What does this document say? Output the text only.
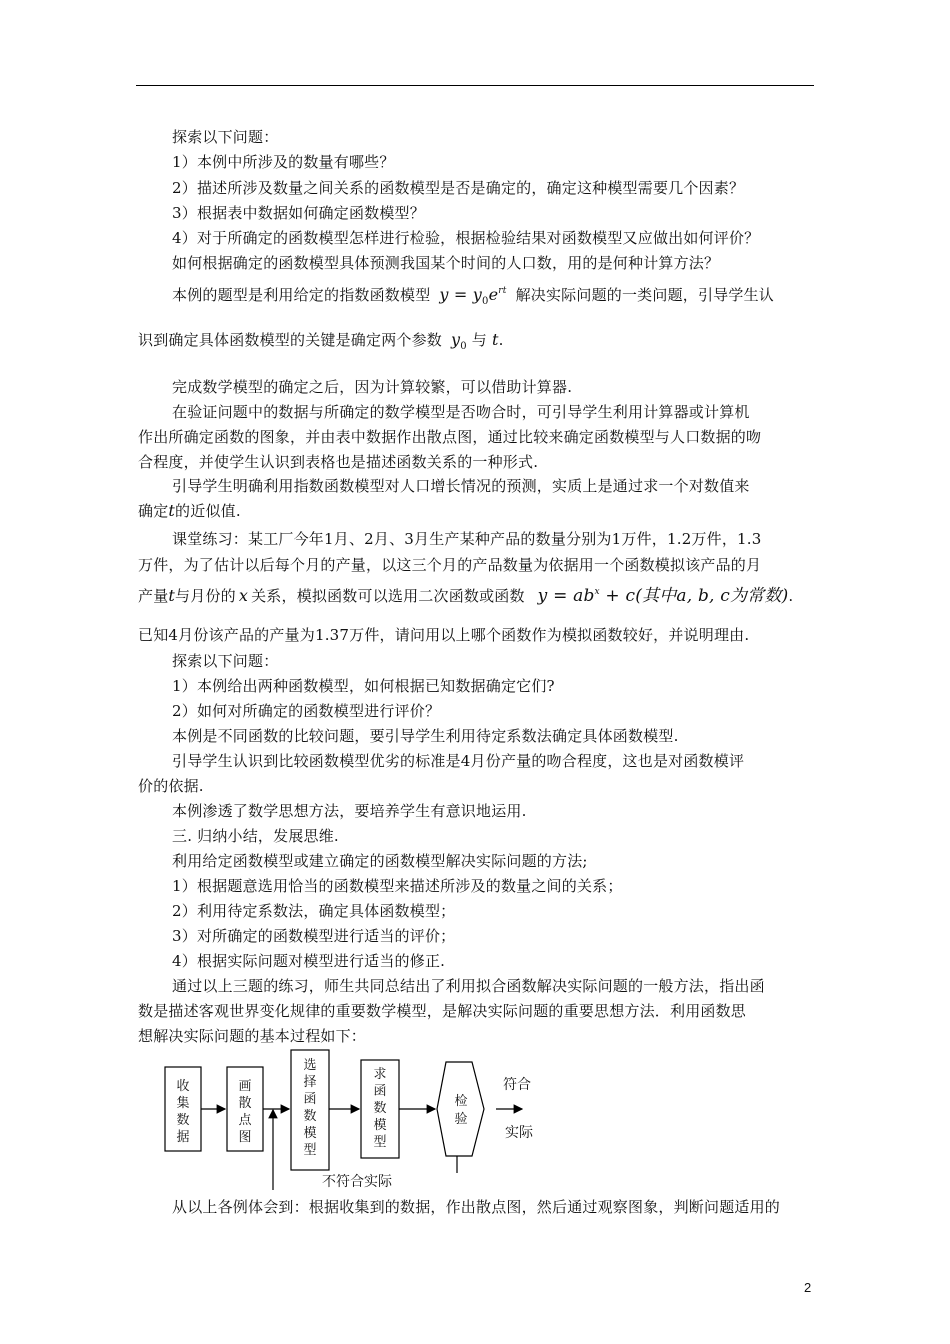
探索以下问题：
1）本例中所涉及的数量有哪些？
2）描述所涉及数量之间关系的函数模型是否是确定的，确定这种模型需要几个因素？
3）根据表中数据如何确定函数模型？
4）对于所确定的函数模型怎样进行检验，根据检验结果对函数模型又应做出如何评价？
如何根据确定的函数模型具体预测我国某个时间的人口数，用的是何种计算方法？
本例的题型是利用给定的指数函数模型 $y = y_0e^{rt}$ 解决实际问题的一类问题，引导学生认
识到确定具体函数模型的关键是确定两个参数 $y_0$ 与 t.
完成数学模型的确定之后，因为计算较繁，可以借助计算器.
在验证问题中的数据与所确定的数学模型是否吻合时，可引导学生利用计算器或计算机
作出所确定函数的图象，并由表中数据作出散点图，通过比较来确定函数模型与人口数据的吻
合程度，并使学生认识到表格也是描述函数关系的一种形式.
引导学生明确利用指数函数模型对人口增长情况的预测，实质上是通过求一个对数值来
确定t的近似值.
课堂练习：某工厂今年1月、2月、3月生产某种产品的数量分别为1万件，1.2万件，1.3
万件，为了估计以后每个月的产量，以这三个月的产品数量为依据用一个函数模拟该产品的月
产量t与月份的 x 关系，模拟函数可以选用二次函数或函数 $y = ab^x + c$(其中a, b, c为常数).
已知4月份该产品的产量为1.37万件，请问用以上哪个函数作为模拟函数较好，并说明理由.
探索以下问题：
1）本例给出两种函数模型，如何根据已知数据确定它们?
2）如何对所确定的函数模型进行评价？
本例是不同函数的比较问题，要引导学生利用待定系数法确定具体函数模型.
引导学生认识到比较函数模型优劣的标准是4月份产量的吻合程度，这也是对函数模评
价的依据.
本例渗透了数学思想方法，要培养学生有意识地运用.
三. 归纳小结，发展思维.
利用给定函数模型或建立确定的函数模型解决实际问题的方法;
1）根据题意选用恰当的函数模型来描述所涉及的数量之间的关系；
2）利用待定系数法，确定具体函数模型；
3）对所确定的函数模型进行适当的评价；
4）根据实际问题对模型进行适当的修正.
通过以上三题的练习，师生共同总结出了利用拟合函数解决实际问题的一般方法，指出函
数是描述客观世界变化规律的重要数学模型，是解决实际问题的重要思想方法．利用函数思
想解决实际问题的基本过程如下：
收
集
数
据
画
散
点
图
选
择
函
数
模
型
求
函
数
模
型
检
验
符合
实际
不符合实际
从以上各例体会到：根据收集到的数据，作出散点图，然后通过观察图象，判断问题适用的
2
